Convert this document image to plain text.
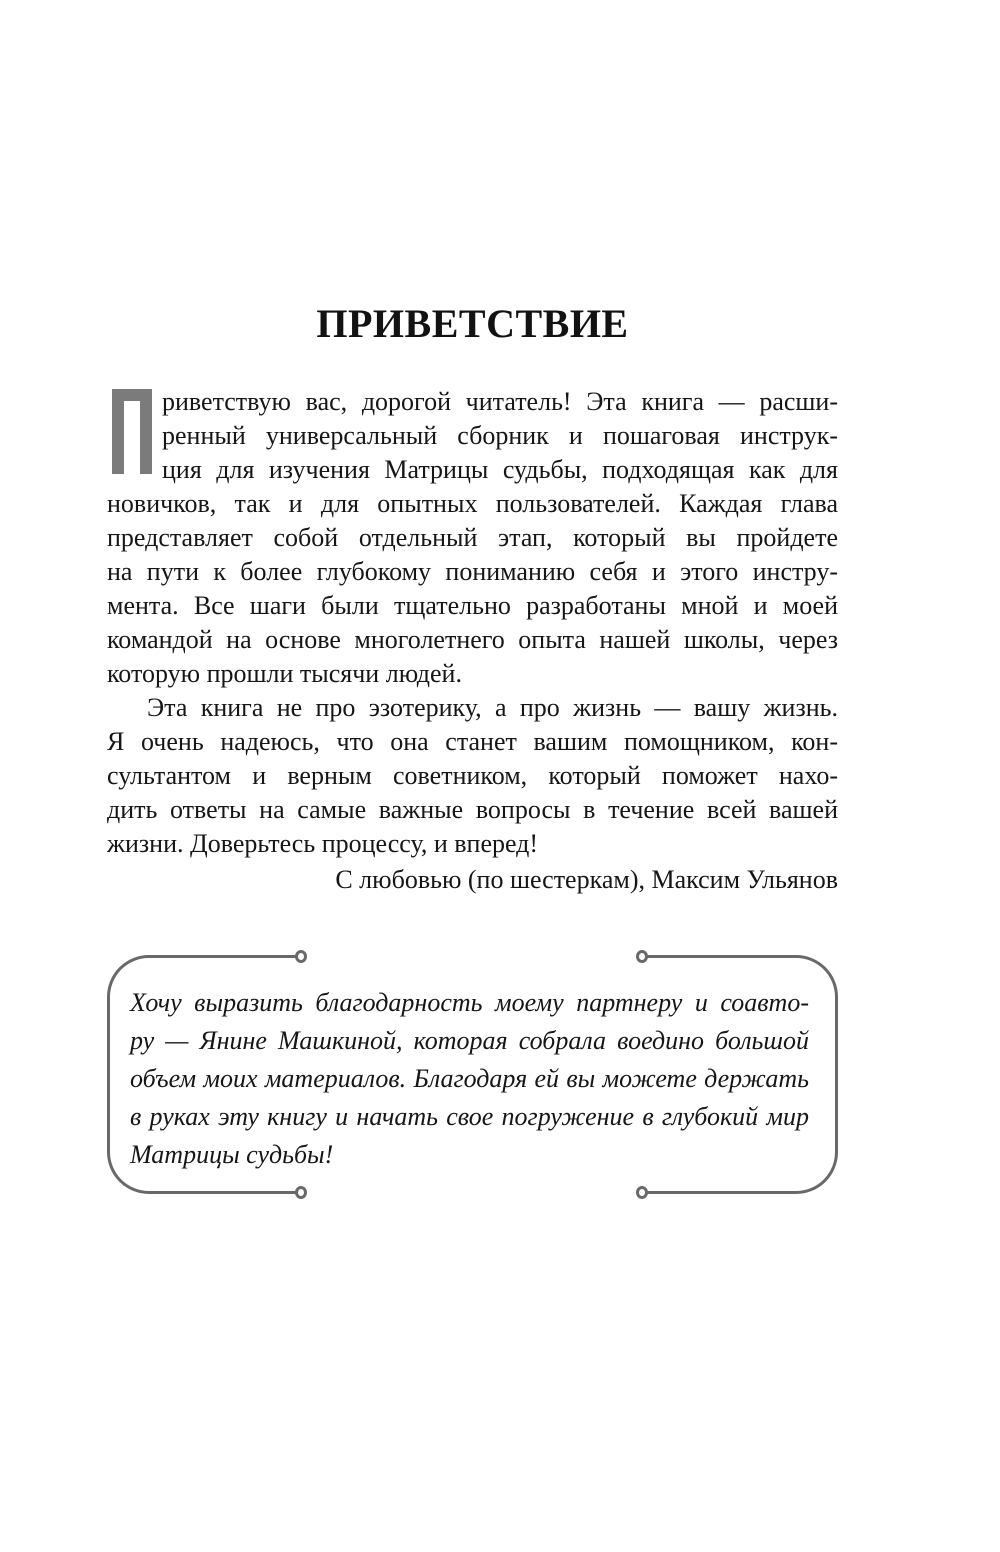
ПРИВЕТСТВИЕ
риветствую вас, дорогой читатель! Эта книга — расши-
ренный универсальный сборник и пошаговая инструк-
ция для изучения Матрицы судьбы, подходящая как для
новичков, так и для опытных пользователей. Каждая глава
представляет собой отдельный этап, который вы пройдете
на пути к более глубокому пониманию себя и этого инстру-
мента. Все шаги были тщательно разработаны мной и моей
командой на основе многолетнего опыта нашей школы, через
которую прошли тысячи людей.
Эта книга не про эзотерику, а про жизнь — вашу жизнь.
Я очень надеюсь, что она станет вашим помощником, кон-
сультантом и верным советником, который поможет нахо-
дить ответы на самые важные вопросы в течение всей вашей
жизни. Доверьтесь процессу, и вперед!
С любовью (по шестеркам), Максим Ульянов
Хочу выразить благодарность моему партнеру и соавто-
ру — Янине Машкиной, которая собрала воедино большой
объем моих материалов. Благодаря ей вы можете держать
в руках эту книгу и начать свое погружение в глубокий мир
Матрицы судьбы!
